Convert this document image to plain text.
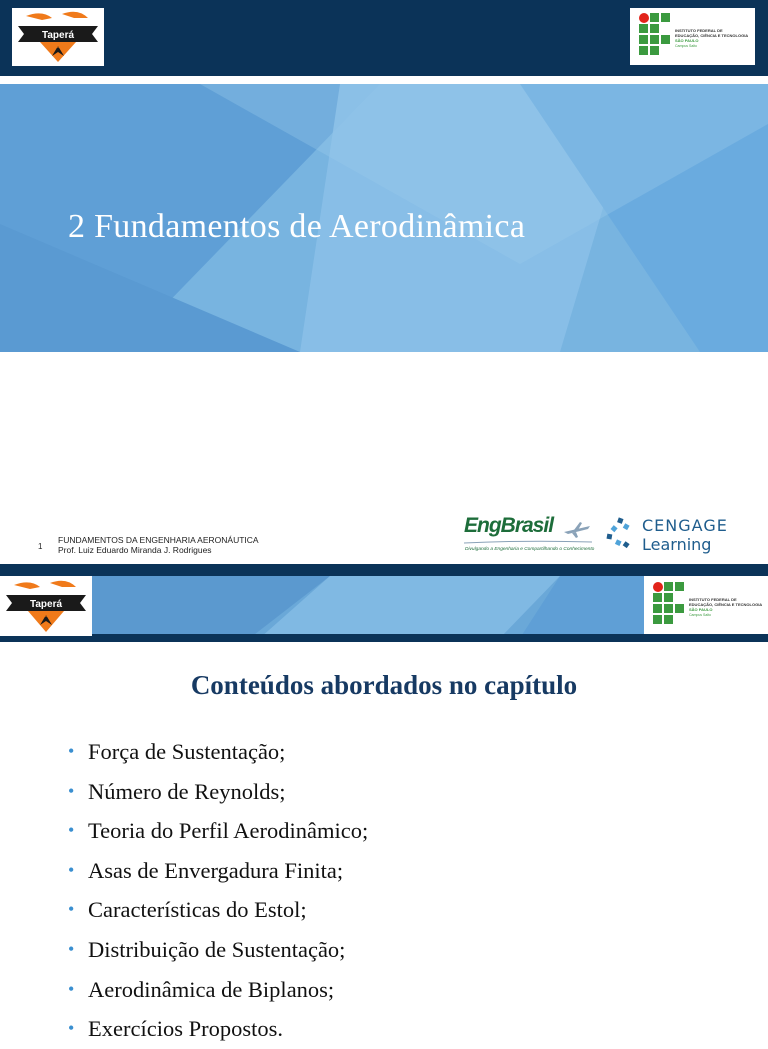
Taperá
aerodesign
INSTITUTO FEDERAL DE
EDUCAÇÃO, CIÊNCIA E TECNOLOGIA
SÃO PAULO
Campus Salto
2 Fundamentos de Aerodinâmica
1
FUNDAMENTOS DA ENGENHARIA AERONÁUTICA
Prof. Luiz Eduardo Miranda J. Rodrigues
EngBrasil
Divulgando a Engenharia e Compartilhando o Conhecimento
CENGAGE
Learning
Taperá
aerodesign
INSTITUTO FEDERAL DE
EDUCAÇÃO, CIÊNCIA E TECNOLOGIA
SÃO PAULO
Campus Salto
Conteúdos abordados no capítulo
• Força de Sustentação;
• Número de Reynolds;
• Teoria do Perfil Aerodinâmico;
• Asas de Envergadura Finita;
• Características do Estol;
• Distribuição de Sustentação;
• Aerodinâmica de Biplanos;
• Exercícios Propostos.
